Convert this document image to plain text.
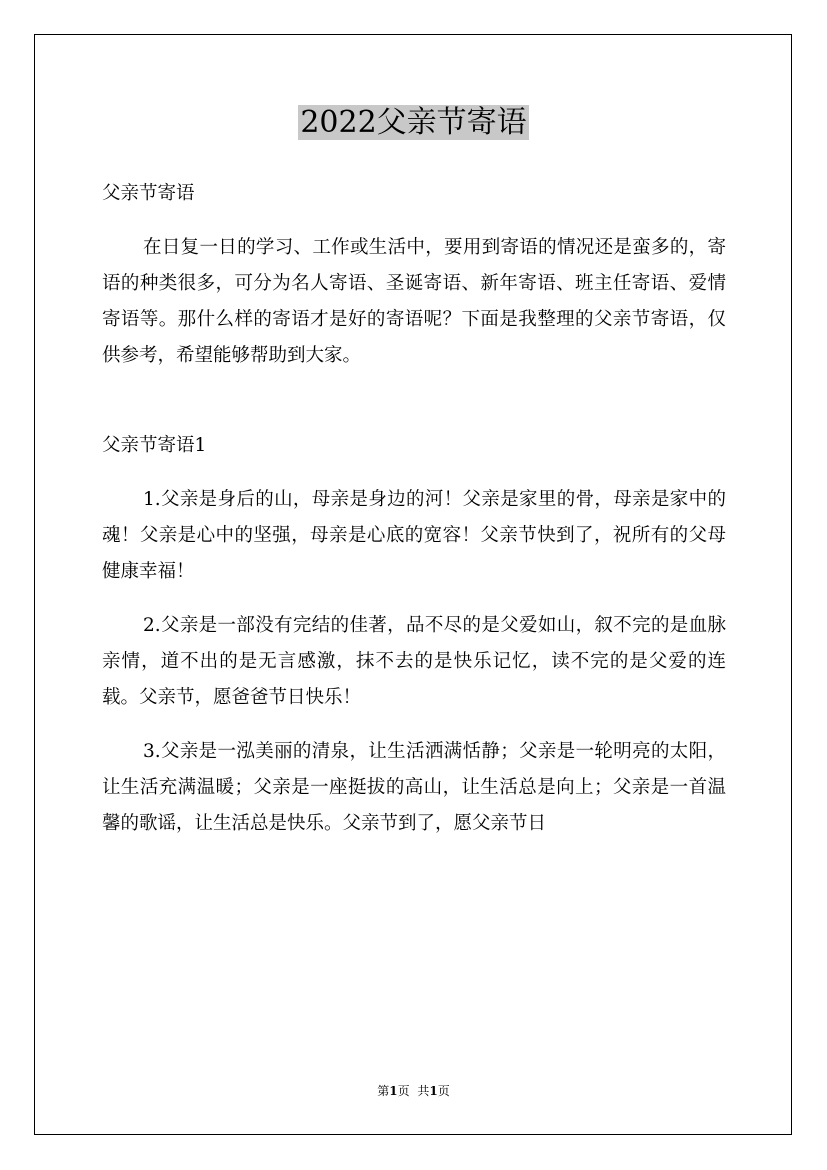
2022父亲节寄语

父亲节寄语

在日复一日的学习、工作或生活中，要用到寄语的情况还是蛮多的，寄语的种类很多，可分为名人寄语、圣诞寄语、新年寄语、班主任寄语、爱情寄语等。那什么样的寄语才是好的寄语呢？下面是我整理的父亲节寄语，仅供参考，希望能够帮助到大家。

父亲节寄语1

1.父亲是身后的山，母亲是身边的河！父亲是家里的骨，母亲是家中的魂！父亲是心中的坚强，母亲是心底的宽容！父亲节快到了，祝所有的父母健康幸福！

2.父亲是一部没有完结的佳著，品不尽的是父爱如山，叙不完的是血脉亲情，道不出的是无言感激，抹不去的是快乐记忆，读不完的是父爱的连载。父亲节，愿爸爸节日快乐！

3.父亲是一泓美丽的清泉，让生活洒满恬静；父亲是一轮明亮的太阳，让生活充满温暖；父亲是一座挺拔的高山，让生活总是向上；父亲是一首温馨的歌谣，让生活总是快乐。父亲节到了，愿父亲节日

第1页 共1页
